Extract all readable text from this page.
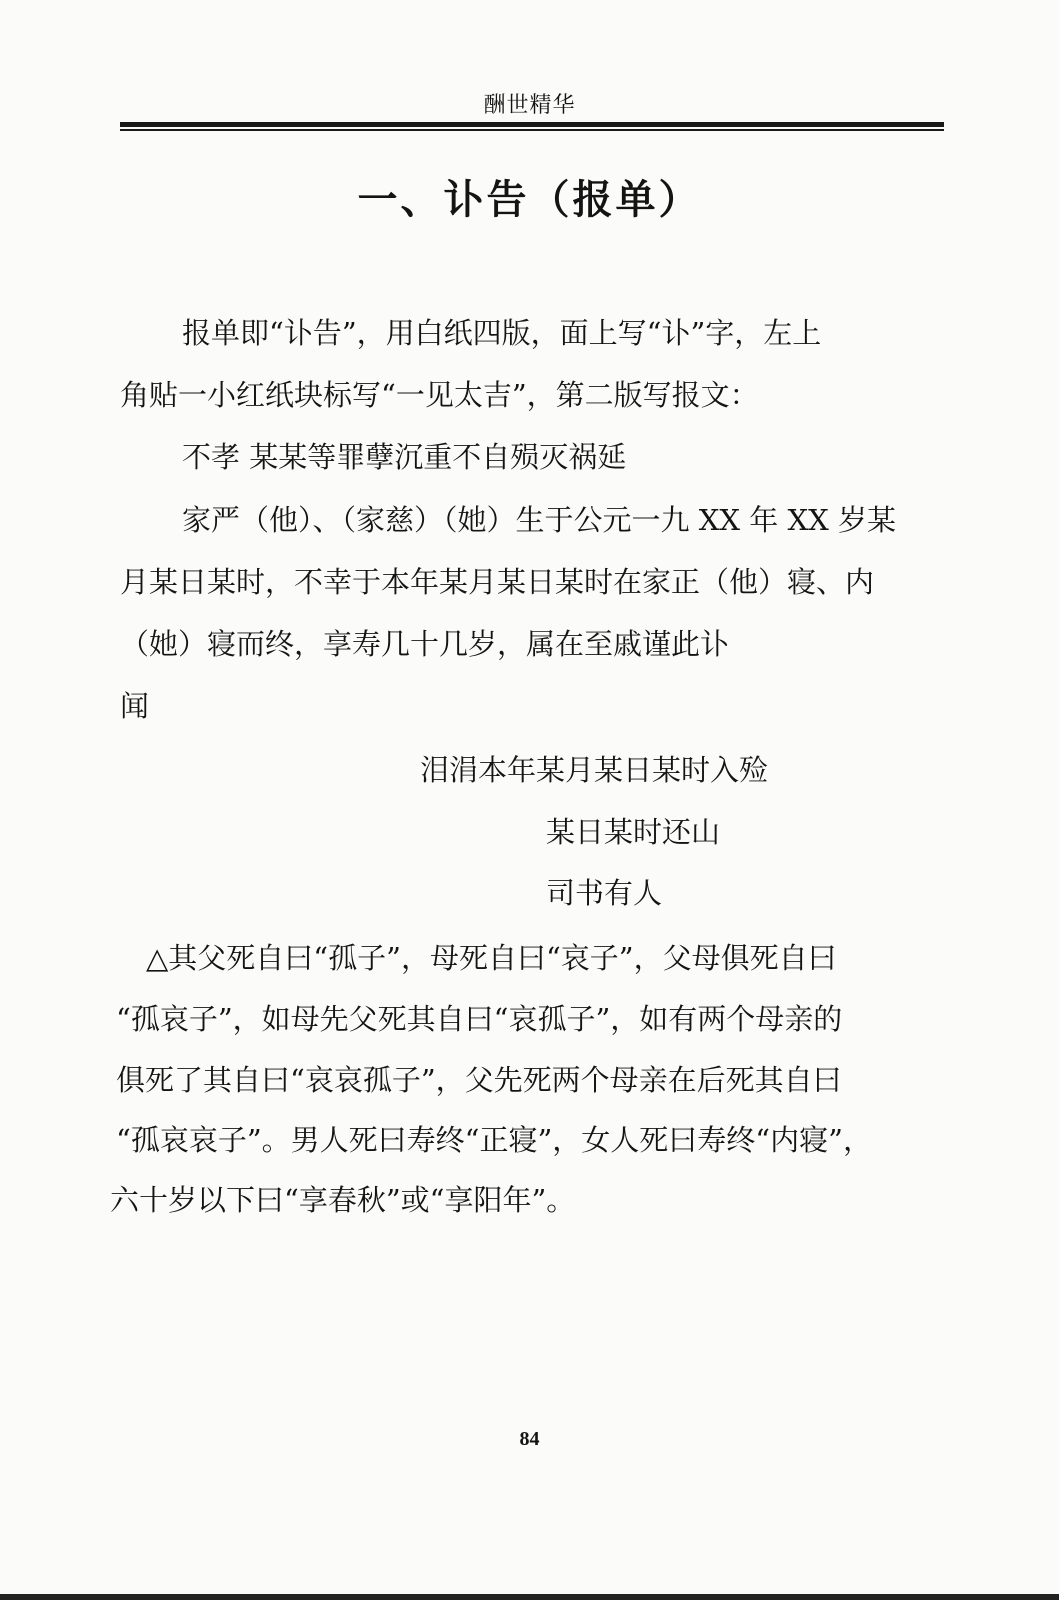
酬世精华
一、讣告（报单）
报单即“讣告”，用白纸四版，面上写“讣”字，左上
角贴一小红纸块标写“一见太吉”，第二版写报文：
不孝 某某等罪孽沉重不自殒灭祸延
家严（他）、（家慈）（她）生于公元一九 XX 年 XX 岁某
月某日某时，不幸于本年某月某日某时在家正（他）寝、内
（她）寝而终，享寿几十几岁，属在至戚谨此讣
闻
泪涓本年某月某日某时入殓
某日某时还山
司书有人
△其父死自曰“孤子”，母死自曰“哀子”，父母俱死自曰
“孤哀子”，如母先父死其自曰“哀孤子”，如有两个母亲的
俱死了其自曰“哀哀孤子”，父先死两个母亲在后死其自曰
“孤哀哀子”。男人死曰寿终“正寝”，女人死曰寿终“内寝”，
六十岁以下曰“享春秋”或“享阳年”。
84
